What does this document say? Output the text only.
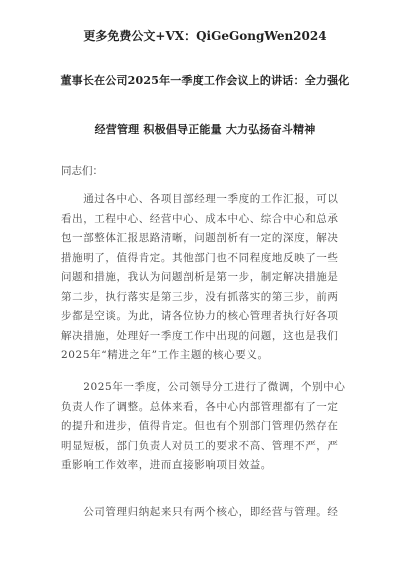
更多免费公文+VX：QiGeGongWen2024
董事长在公司2025年一季度工作会议上的讲话：全力强化
经营管理 积极倡导正能量 大力弘扬奋斗精神
同志们：
　　通过各中心、各项目部经理一季度的工作汇报，可以
看出，工程中心、经营中心、成本中心、综合中心和总承
包一部整体汇报思路清晰，问题剖析有一定的深度，解决
措施明了，值得肯定。其他部门也不同程度地反映了一些
问题和措施，我认为问题剖析是第一步，制定解决措施是
第二步，执行落实是第三步，没有抓落实的第三步，前两
步都是空谈。为此，请各位协力的核心管理者执行好各项
解决措施，处理好一季度工作中出现的问题，这也是我们
2025年“精进之年”工作主题的核心要义。
　　2025年一季度，公司领导分工进行了微调，个别中心
负责人作了调整。总体来看，各中心内部管理都有了一定
的提升和进步，值得肯定。但也有个别部门管理仍然存在
明显短板，部门负责人对员工的要求不高、管理不严，严
重影响工作效率，进而直接影响项目效益。
　　公司管理归纳起来只有两个核心，即经营与管理。经
